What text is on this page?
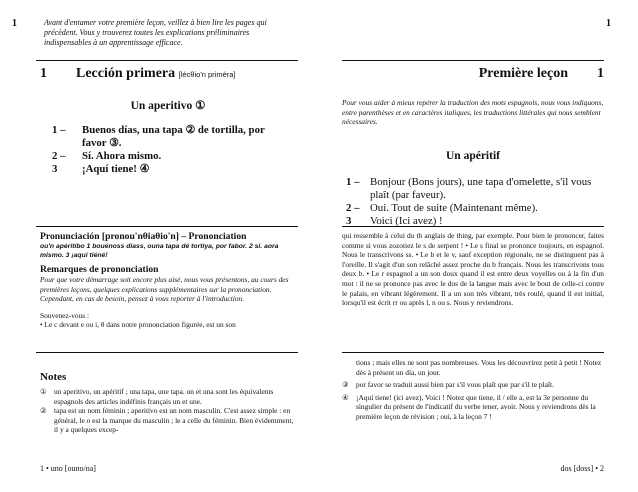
1	Avant d'entamer votre première leçon, veillez à bien lire les pages qui précèdent. Vous y trouverez toutes les explications préliminaires indispensables à un apprentissage efficace.
1 Lección primera [lécθio'n priméra]
Un aperitivo ①
1 –	Buenos días, una tapa ② de tortilla, por favor ③.
2 –	Sí. Ahora mismo.
3	¡Aquí tiene! ④
Pronunciación [pronou'nθiaθio'n] – Prononciation
ou'n apéritibo 1 bouénoss diass, ouna tapa dé tortiya, por fabor. 2 si. aora mismo. 3 ¡aqui tiéné!
Remarques de prononciation
Pour que votre démarrage soit encore plus aisé, nous vous présentons, au cours des premières leçons, quelques explications supplémentaires sur la prononciation. Cependant, en cas de besoin, pensez à vous reporter à l'introduction.
Souvenez-vous :
• Le c devant e ou i, θ dans notre prononciation figurée, est un son
Notes
① un aperitivo, un apéritif ; una tapa, une tapa. un et una sont les équivalents espagnols des articles indéfinis français un et une.
② tapa est un nom féminin ; aperitivo est un nom masculin. C'est assez simple : en général, le o est la marque du masculin ; le a celle du féminin. Bien évidemment, il y a quelques excep-
1 • uno [ouno/na]
1
Première leçon 1
Pour vous aider à mieux repérer la traduction des mots espagnols, nous vous indiquons, entre parenthèses et en caractères italiques, les traductions littérales qui nous semblent nécessaires.
Un apéritif
1 – Bonjour (Bons jours), une tapa d'omelette, s'il vous plaît (par faveur).
2 – Oui. Tout de suite (Maintenant même).
3	Voici (Ici avez) !
qui ressemble à celui du th anglais de thing, par exemple. Pour bien le prononcer, faites comme si vous zozotiez le s de serpent ! • Le s final se prononce toujours, en espagnol. Nous le transcrivons ss. • Le b et le v, sauf exception régionale, ne se distinguent pas à l'oreille. Il s'agit d'un son relâché assez proche du b français. Nous les transcrivons tous deux b. • Le r espagnol a un son doux quand il est entre deux voyelles ou à la fin d'un mot : il ne se prononce pas avec le dos de la langue mais avec le bout de celle-ci contre le palais, en vibrant légèrement. Il a un son très vibrant, très roulé, quand il est initial, lorsqu'il est écrit rr ou après l, n ou s. Nous y reviendrons.
tions ; mais elles ne sont pas nombreuses. Vous les découvrirez petit à petit ! Notez dès à présent un día, un jour.
③ por favor se traduit aussi bien par s'il vous plaît que par s'il te plaît.
④ ¡Aquí tiene! (ici avez), Voici ! Notez que tiene, il / elle a, est la 3e personne du singulier du présent de l'indicatif du verbe tener, avoir. Nous y reviendrons dès la première leçon de révision ; oui, à la leçon 7 !
dos [doss] • 2
